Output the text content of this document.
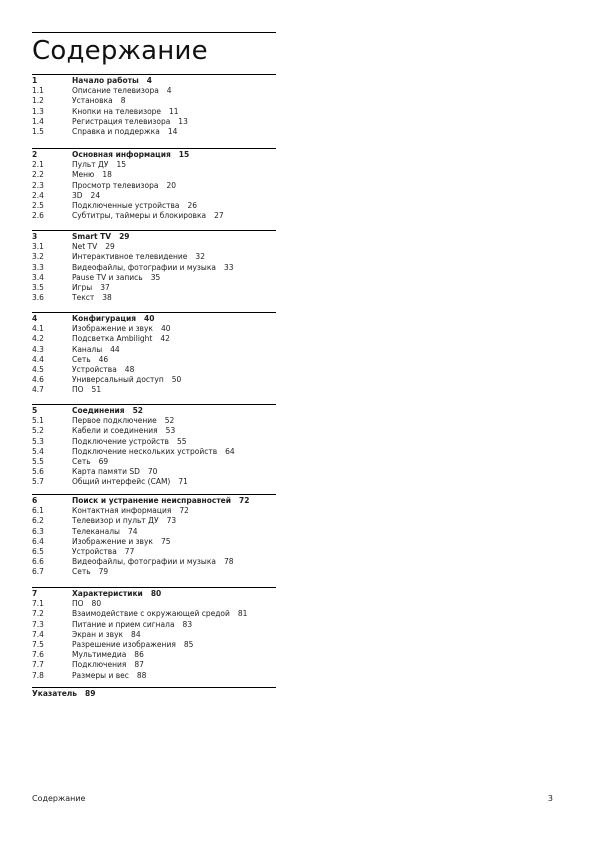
Содержание
1	Начало работы 4
1.1	Описание телевизора 4
1.2	Установка 8
1.3	Кнопки на телевизоре 11
1.4	Регистрация телевизора 13
1.5	Справка и поддержка 14
2	Основная информация 15
2.1	Пульт ДУ 15
2.2	Меню 18
2.3	Просмотр телевизора 20
2.4	3D 24
2.5	Подключенные устройства 26
2.6	Субтитры, таймеры и блокировка 27
3	Smart TV 29
3.1	Net TV 29
3.2	Интерактивное телевидение 32
3.3	Видеофайлы, фотографии и музыка 33
3.4	Pause TV и запись 35
3.5	Игры 37
3.6	Текст 38
4	Конфигурация 40
4.1	Изображение и звук 40
4.2	Подсветка Ambilight 42
4.3	Каналы 44
4.4	Сеть 46
4.5	Устройства 48
4.6	Универсальный доступ 50
4.7	ПО 51
5	Соединения 52
5.1	Первое подключение 52
5.2	Кабели и соединения 53
5.3	Подключение устройств 55
5.4	Подключение нескольких устройств 64
5.5	Сеть 69
5.6	Карта памяти SD 70
5.7	Общий интерфейс (CAM) 71
6	Поиск и устранение неисправностей 72
6.1	Контактная информация 72
6.2	Телевизор и пульт ДУ 73
6.3	Телеканалы 74
6.4	Изображение и звук 75
6.5	Устройства 77
6.6	Видеофайлы, фотографии и музыка 78
6.7	Сеть 79
7	Характеристики 80
7.1	ПО 80
7.2	Взаимодействие с окружающей средой 81
7.3	Питание и прием сигнала 83
7.4	Экран и звук 84
7.5	Разрешение изображения 85
7.6	Мультимедиа 86
7.7	Подключения 87
7.8	Размеры и вес 88
Указатель 89
Содержание	3
